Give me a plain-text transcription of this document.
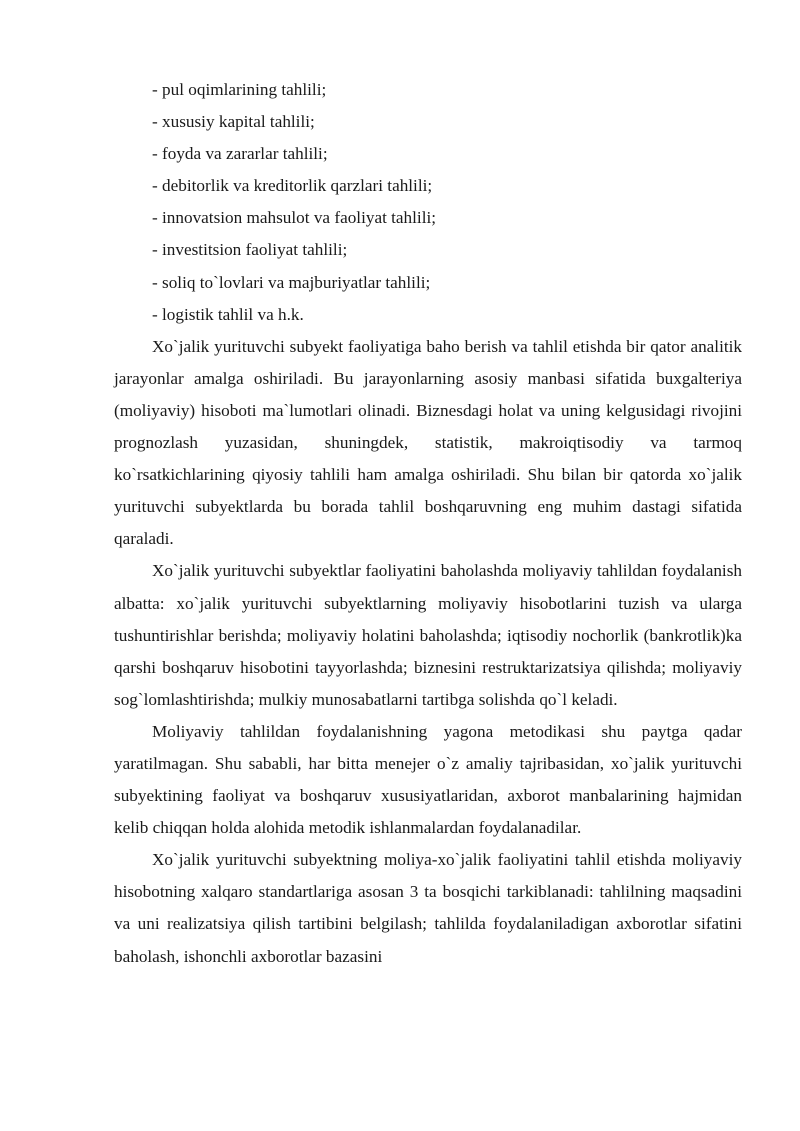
- pul oqimlarining tahlili;
- xususiy kapital tahlili;
- foyda va zararlar tahlili;
- debitorlik va kreditorlik qarzlari tahlili;
- innovatsion mahsulot va faoliyat tahlili;
- investitsion faoliyat tahlili;
- soliq to`lovlari va majburiyatlar tahlili;
- logistik tahlil va h.k.

Xo`jalik yurituvchi subyekt faoliyatiga baho berish va tahlil etishda bir qator analitik jarayonlar amalga oshiriladi. Bu jarayonlarning asosiy manbasi sifatida buxgalteriya (moliyaviy) hisoboti ma`lumotlari olinadi. Biznesdagi holat va uning kelgusidagi rivojini prognozlash yuzasidan, shuningdek, statistik, makroiqtisodiy va tarmoq ko`rsatkichlarining qiyosiy tahlili ham amalga oshiriladi. Shu bilan bir qatorda xo`jalik yurituvchi subyektlarda bu borada tahlil boshqaruvning eng muhim dastagi sifatida qaraladi.

Xo`jalik yurituvchi subyektlar faoliyatini baholashda moliyaviy tahlildan foydalanish albatta: xo`jalik yurituvchi subyektlarning moliyaviy hisobotlarini tuzish va ularga tushuntirishlar berishda; moliyaviy holatini baholashda; iqtisodiy nochorlik (bankrotlik)ka qarshi boshqaruv hisobotini tayyorlashda; biznesini restruktarizatsiya qilishda; moliyaviy sog`lomlashtirishda; mulkiy munosabatlarni tartibga solishda qo`l keladi.

Moliyaviy tahlildan foydalanishning yagona metodikasi shu paytga qadar yaratilmagan. Shu sababli, har bitta menejer o`z amaliy tajribasidan, xo`jalik yurituvchi subyektining faoliyat va boshqaruv xususiyatlaridan, axborot manbalarining hajmidan kelib chiqqan holda alohida metodik ishlanmalardan foydalanadilar.

Xo`jalik yurituvchi subyektning moliya-xo`jalik faoliyatini tahlil etishda moliyaviy hisobotning xalqaro standartlariga asosan 3 ta bosqichi tarkiblanadi: tahlilning maqsadini va uni realizatsiya qilish tartibini belgilash; tahlilda foydalaniladigan axborotlar sifatini baholash, ishonchli axborotlar bazasini
